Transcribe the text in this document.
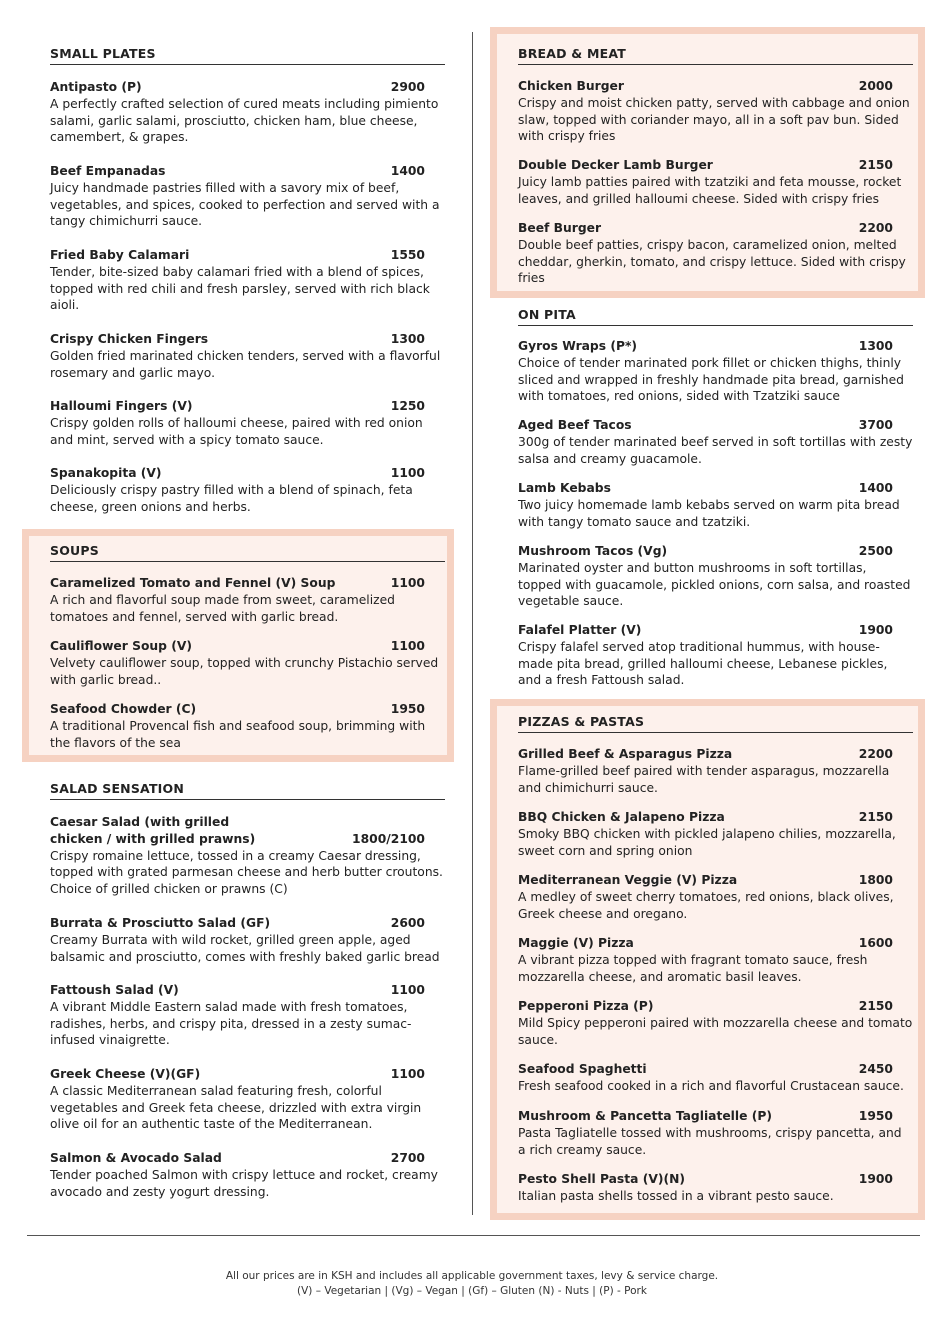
SMALL PLATES
Antipasto (P)	2900
A perfectly crafted selection of cured meats including pimiento salami, garlic salami, prosciutto, chicken ham, blue cheese, camembert, & grapes.
Beef Empanadas	1400
Juicy handmade pastries filled with a savory mix of beef, vegetables, and spices, cooked to perfection and served with a tangy chimichurri sauce.
Fried Baby Calamari	1550
Tender, bite-sized baby calamari fried with a blend of spices, topped with red chili and fresh parsley, served with rich black aioli.
Crispy Chicken Fingers	1300
Golden fried marinated chicken tenders, served with a flavorful rosemary and garlic mayo.
Halloumi Fingers (V)	1250
Crispy golden rolls of halloumi cheese, paired with red onion and mint, served with a spicy tomato sauce.
Spanakopita (V)	1100
Deliciously crispy pastry filled with a blend of spinach, feta cheese, green onions and herbs.
SOUPS
Caramelized Tomato and Fennel (V) Soup	1100
A rich and flavorful soup made from sweet, caramelized tomatoes and fennel, served with garlic bread.
Cauliflower Soup (V)	1100
Velvety cauliflower soup, topped with crunchy Pistachio served with garlic bread..
Seafood Chowder (C)	1950
A traditional Provencal fish and seafood soup, brimming with the flavors of the sea
SALAD SENSATION
Caesar Salad (with grilled chicken / with grilled prawns)	1800/2100
Crispy romaine lettuce, tossed in a creamy Caesar dressing, topped with grated parmesan cheese and herb butter croutons. Choice of grilled chicken or prawns (C)
Burrata & Prosciutto Salad (GF)	2600
Creamy Burrata with wild rocket, grilled green apple, aged balsamic and prosciutto, comes with freshly baked garlic bread
Fattoush Salad (V)	1100
A vibrant Middle Eastern salad made with fresh tomatoes, radishes, herbs, and crispy pita, dressed in a zesty sumac-infused vinaigrette.
Greek Cheese (V)(GF)	1100
A classic Mediterranean salad featuring fresh, colorful vegetables and Greek feta cheese, drizzled with extra virgin olive oil for an authentic taste of the Mediterranean.
Salmon & Avocado Salad	2700
Tender poached Salmon with crispy lettuce and rocket, creamy avocado and zesty yogurt dressing.
BREAD & MEAT
Chicken Burger	2000
Crispy and moist chicken patty, served with cabbage and onion slaw, topped with coriander mayo, all in a soft pav bun. Sided with crispy fries
Double Decker Lamb Burger	2150
Juicy lamb patties paired with tzatziki and feta mousse, rocket leaves, and grilled halloumi cheese. Sided with crispy fries
Beef Burger	2200
Double beef patties, crispy bacon, caramelized onion, melted cheddar, gherkin, tomato, and crispy lettuce. Sided with crispy fries
ON PITA
Gyros Wraps (P*)	1300
Choice of tender marinated pork fillet or chicken thighs, thinly sliced and wrapped in freshly handmade pita bread, garnished with tomatoes, red onions, sided with Tzatziki sauce
Aged Beef Tacos	3700
300g of tender marinated beef served in soft tortillas with zesty salsa and creamy guacamole.
Lamb Kebabs	1400
Two juicy homemade lamb kebabs served on warm pita bread with tangy tomato sauce and tzatziki.
Mushroom Tacos (Vg)	2500
Marinated oyster and button mushrooms in soft tortillas, topped with guacamole, pickled onions, corn salsa, and roasted vegetable sauce.
Falafel Platter (V)	1900
Crispy falafel served atop traditional hummus, with house-made pita bread, grilled halloumi cheese, Lebanese pickles, and a fresh Fattoush salad.
PIZZAS & PASTAS
Grilled Beef & Asparagus Pizza	2200
Flame-grilled beef paired with tender asparagus, mozzarella and chimichurri sauce.
BBQ Chicken & Jalapeno Pizza	2150
Smoky BBQ chicken with pickled jalapeno chilies, mozzarella, sweet corn and spring onion
Mediterranean Veggie (V) Pizza	1800
A medley of sweet cherry tomatoes, red onions, black olives, Greek cheese and oregano.
Maggie (V) Pizza	1600
A vibrant pizza topped with fragrant tomato sauce, fresh mozzarella cheese, and aromatic basil leaves.
Pepperoni Pizza (P)	2150
Mild Spicy pepperoni paired with mozzarella cheese and tomato sauce.
Seafood Spaghetti	2450
Fresh seafood cooked in a rich and flavorful Crustacean sauce.
Mushroom & Pancetta Tagliatelle (P)	1950
Pasta Tagliatelle tossed with mushrooms, crispy pancetta, and a rich creamy sauce.
Pesto Shell Pasta (V)(N)	1900
Italian pasta shells tossed in a vibrant pesto sauce.
All our prices are in KSH and includes all applicable government taxes, levy & service charge.
(V) – Vegetarian | (Vg) – Vegan | (Gf) – Gluten (N) - Nuts | (P) - Pork
